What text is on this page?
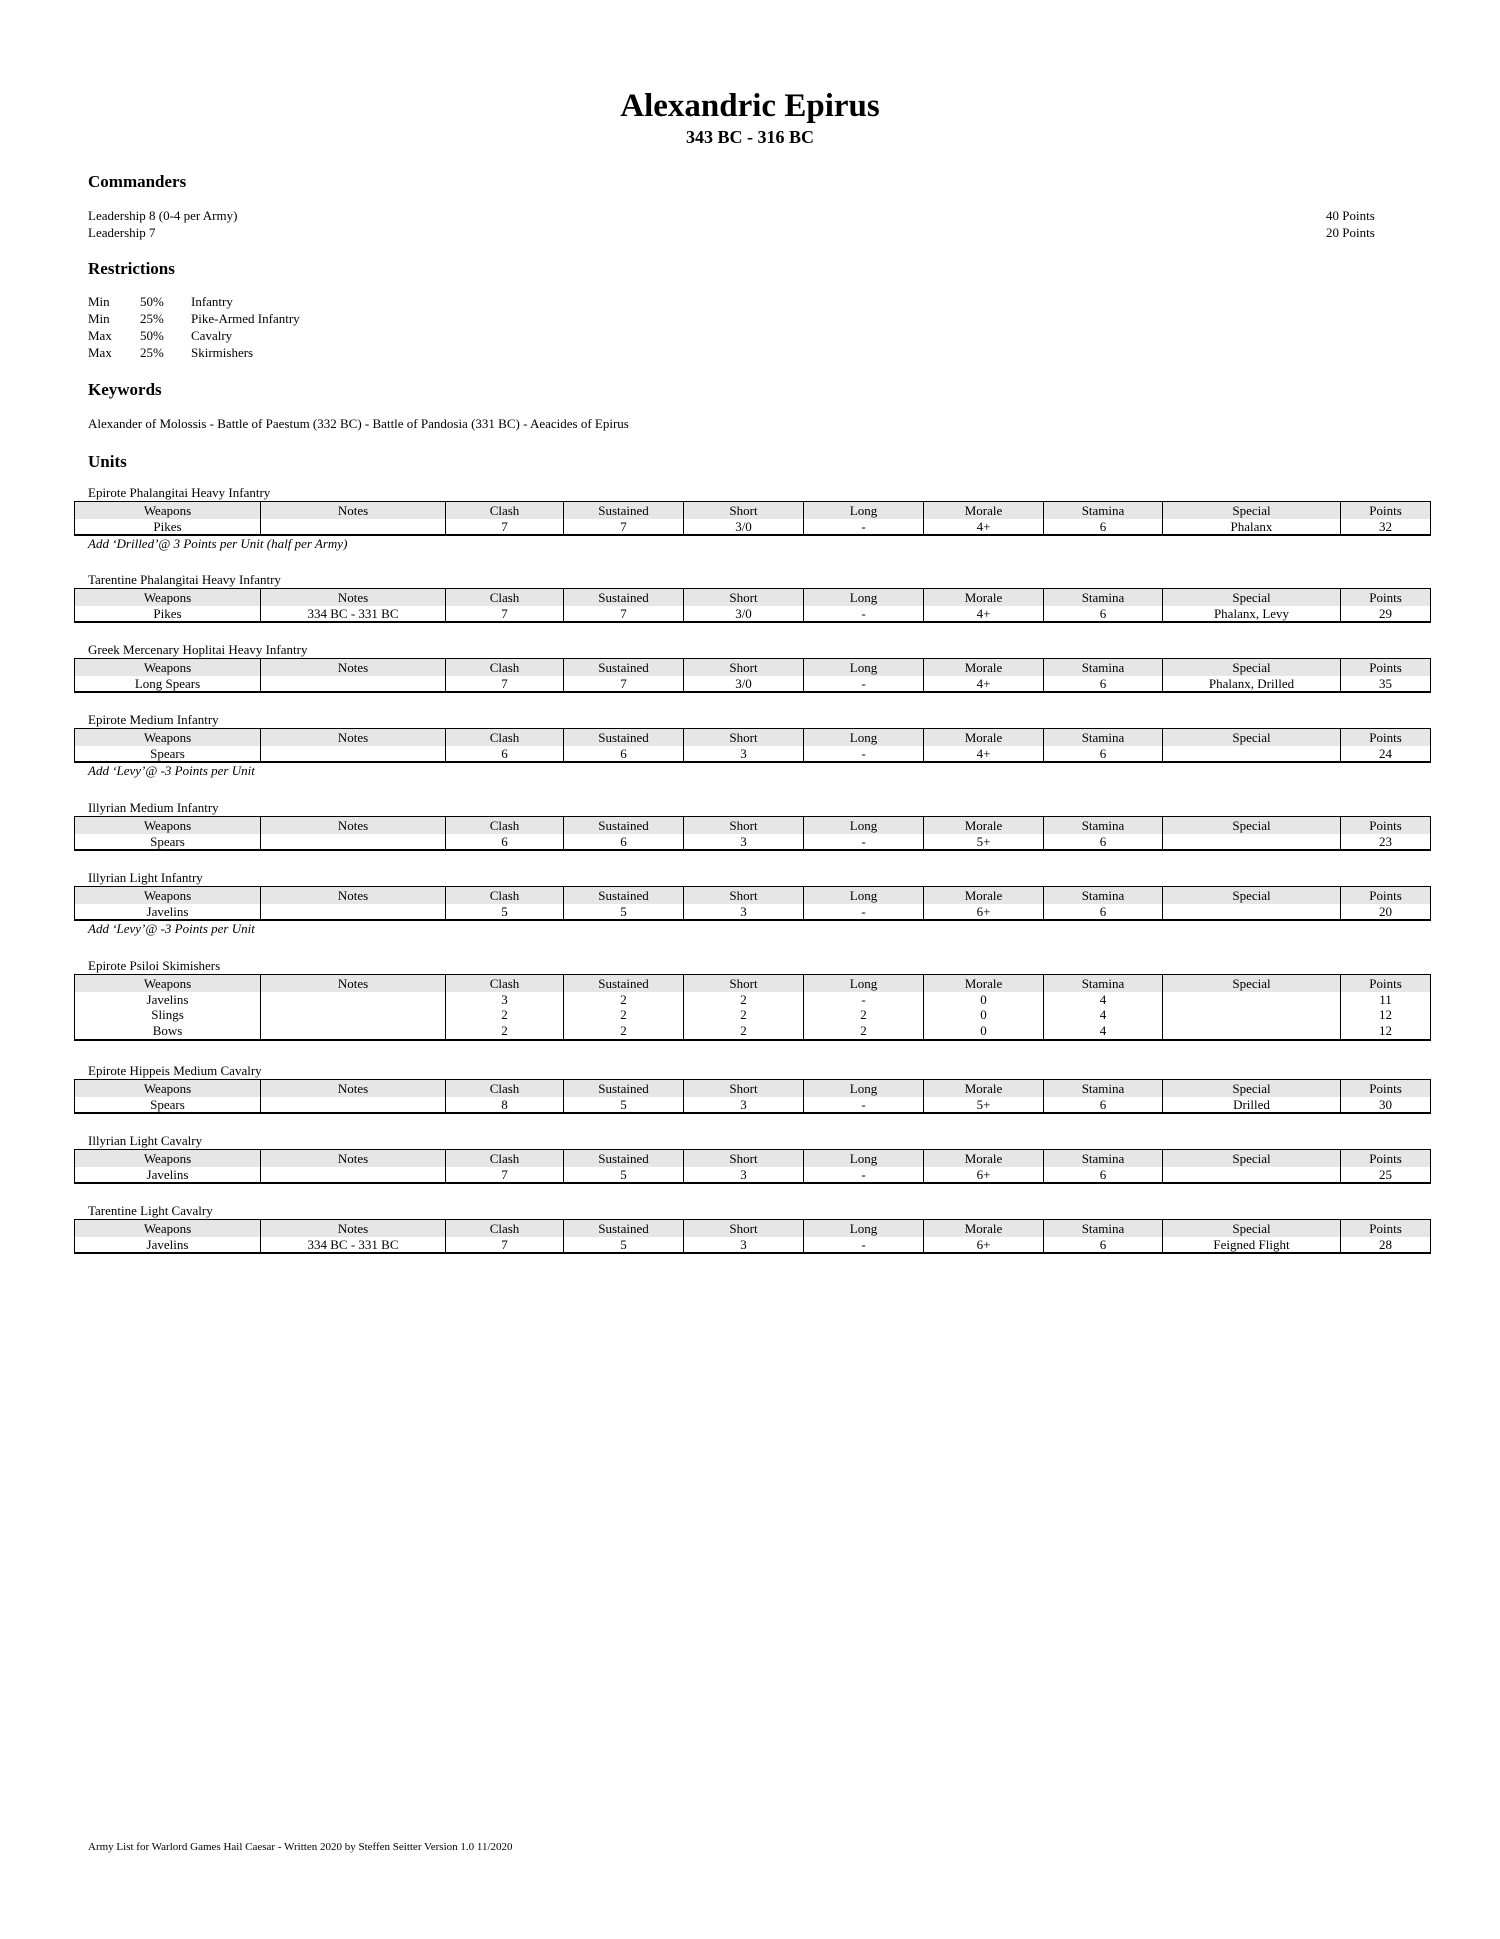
Alexandric Epirus
343 BC - 316 BC
Commanders
Leadership 8 (0-4 per Army)	40 Points
Leadership 7	20 Points
Restrictions
Min 50% Infantry
Min 25% Pike-Armed Infantry
Max 50% Cavalry
Max 25% Skirmishers
Keywords
Alexander of Molossis - Battle of Paestum (332 BC) - Battle of Pandosia (331 BC) - Aeacides of Epirus
Units
Epirote Phalangitai Heavy Infantry
Weapons	Notes	Clash	Sustained	Short	Long	Morale	Stamina	Special	Points
Pikes		7	7	3/0	-	4+	6	Phalanx	32
Add ‘Drilled’@ 3 Points per Unit (half per Army)
Tarentine Phalangitai Heavy Infantry
Weapons	Notes	Clash	Sustained	Short	Long	Morale	Stamina	Special	Points
Pikes	334 BC - 331 BC	7	7	3/0	-	4+	6	Phalanx, Levy	29
Greek Mercenary Hoplitai Heavy Infantry
Weapons	Notes	Clash	Sustained	Short	Long	Morale	Stamina	Special	Points
Long Spears		7	7	3/0	-	4+	6	Phalanx, Drilled	35
Epirote Medium Infantry
Weapons	Notes	Clash	Sustained	Short	Long	Morale	Stamina	Special	Points
Spears		6	6	3	-	4+	6		24
Add ‘Levy’@ -3 Points per Unit
Illyrian Medium Infantry
Weapons	Notes	Clash	Sustained	Short	Long	Morale	Stamina	Special	Points
Spears		6	6	3	-	5+	6		23
Illyrian Light Infantry
Weapons	Notes	Clash	Sustained	Short	Long	Morale	Stamina	Special	Points
Javelins		5	5	3	-	6+	6		20
Add ‘Levy’@ -3 Points per Unit
Epirote Psiloi Skimishers
Weapons	Notes	Clash	Sustained	Short	Long	Morale	Stamina	Special	Points
Javelins		3	2	2	-	0	4		11
Slings		2	2	2	2	0	4		12
Bows		2	2	2	2	0	4		12
Epirote Hippeis Medium Cavalry
Weapons	Notes	Clash	Sustained	Short	Long	Morale	Stamina	Special	Points
Spears		8	5	3	-	5+	6	Drilled	30
Illyrian Light Cavalry
Weapons	Notes	Clash	Sustained	Short	Long	Morale	Stamina	Special	Points
Javelins		7	5	3	-	6+	6		25
Tarentine Light Cavalry
Weapons	Notes	Clash	Sustained	Short	Long	Morale	Stamina	Special	Points
Javelins	334 BC - 331 BC	7	5	3	-	6+	6	Feigned Flight	28
Army List for Warlord Games Hail Caesar - Written 2020 by Steffen Seitter Version 1.0 11/2020
